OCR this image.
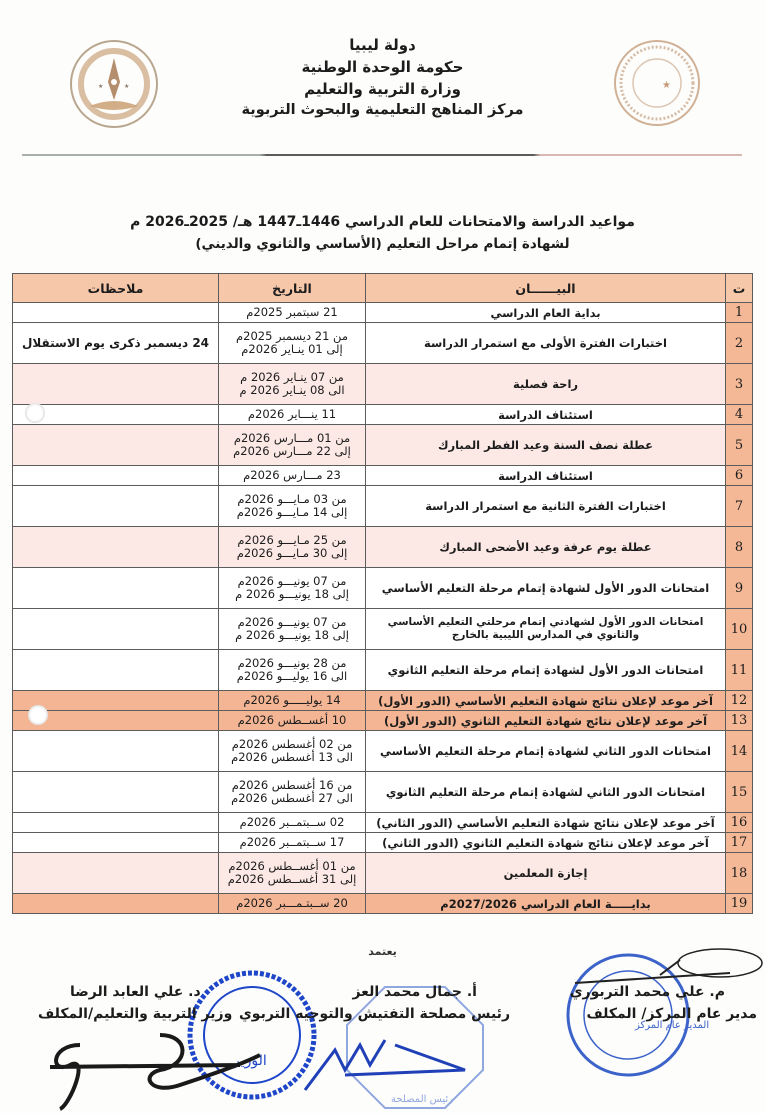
★	★	★
دولة ليبيا
حكومة الوحدة الوطنية
وزارة التربية والتعليم
مركز المناهج التعليمية والبحوث التربوية
مواعيد الدراسة والامتحانات للعام الدراسي 1446ـ1447 هـ/ 2025ـ2026 م
لشهادة إتمام مراحل التعليم (الأساسي والثانوي والديني)
ت	البيــــــان	التاريخ	ملاحظات
1	بداية العام الدراسي	
21 سبتمبر 2025م

2	اختبارات الفترة الأولى مع استمرار الدراسة	
من 21 ديسمبر 2025م
إلى 01 ينـاير 2026م
	24 ديسمبر ذكرى يوم الاستقلال
3	راحة فصلية	
من 07 ينـاير 2026 م
الى 08 ينـاير 2026 م

4	استئناف الدراسة	
11 ينـــاير 2026م

5	عطلة نصف السنة وعيد الفطر المبارك	
من 01 مـــارس 2026م
إلى 22 مـــارس 2026م

6	استئناف الدراسة	
23 مـــارس 2026م

7	اختبارات الفترة الثانية مع استمرار الدراسة	
من 03 مـايـــو 2026م
إلى 14 مـايـــو 2026م

8	عطلة يوم عرفة وعيد الأضحى المبارك	
من 25 مـايـــو 2026م
إلى 30 مـايـــو 2026م

9	امتحانات الدور الأول لشهادة إتمام مرحلة التعليم الأساسي	
من 07 يونيـــو 2026م
إلى 18 يونيـــو 2026 م

10	امتحانات الدور الأول لشهادتي إتمام مرحلتي التعليم الأساسي والثانوي في المدارس الليبية بالخارج	
من 07 يونيـــو 2026م
إلى 18 يونيـــو 2026 م

11	امتحانات الدور الأول لشهادة إتمام مرحلة التعليم الثانوي	
من 28 يونيـــو 2026م
الى 16 يوليـــو 2026م

12	آخر موعد لإعلان نتائج شهادة التعليم الأساسي (الدور الأول)	
14 يوليـــــو 2026م

13	آخر موعد لإعلان نتائج شهادة التعليم الثانوي (الدور الأول)	
10 أغســطس 2026م

14	امتحانات الدور الثاني لشهادة إتمام مرحلة التعليم الأساسي	
من 02 أغسطس 2026م
الى 13 أغسطس 2026م

15	امتحانات الدور الثاني لشهادة إتمام مرحلة التعليم الثانوي	
من 16 أغسطس 2026م
الى 27 أغسطس 2026م

16	آخر موعد لإعلان نتائج شهادة التعليم الأساسي (الدور الثاني)	
02 ســبتمــبر 2026م

17	آخر موعد لإعلان نتائج شهادة التعليم الثانوي (الدور الثاني)	
17 ســبتمــبر 2026م

18	إجازة المعلمين	
من 01 أغســطس 2026م
إلى 31 أغســطس 2026م

19	بدايـــــة العام الدراسي 2027/2026م	
20 ســبتـمـــبر 2026م

يعتمد
المدير عام المركز
رئيس المصلحة
الوزير
م. علي محمد التربوري
مدير عام المركز/ المكلف
أ. جمال محمد العز
رئيس مصلحة التفتيش والتوجيه التربوي
د. علي العابد الرضا
وزير التربية والتعليم/المكلف
